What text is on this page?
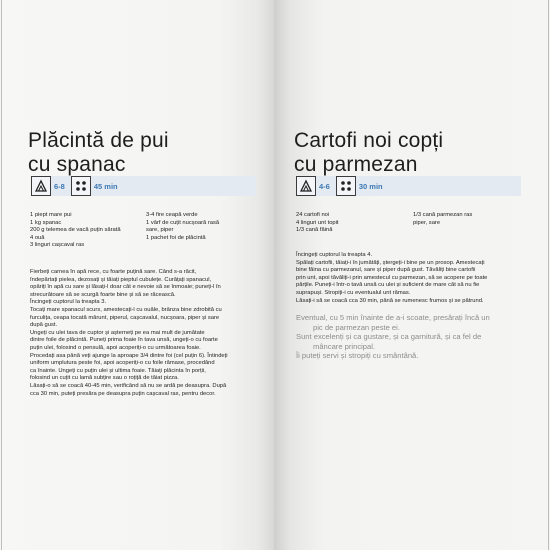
Plăcintă de pui
cu spanac
6-8	45 min
1 piept mare pui
1 kg spanac
200 g telemea de vacă puțin sărată
4 ouă
3 linguri cașcaval ras
3-4 fire ceapă verde
1 vârf de cuțit nucșoară rasă
sare, piper
1 pachet foi de plăcintă
Fierbeți carnea în apă rece, cu foarte puțină sare. Când s-a răcit,
îndepărtați pielea, dezosați și tăiați pieptul cubulețe. Curățați spanacul,
opăriți în apă cu sare și lăsați-l doar cât e nevoie să se înmoaie; puneți-l în
strecurătoare să se scurgă foarte bine și să se răcească.
Încingeți cuptorul la treapta 3.
Tocați mare spanacul scurs, amestecați-l cu ouăle, brânza bine zdrobită cu
furculița, ceapa tocată mărunt, piperul, cașcavalul, nucșoara, piper și sare
după gust.
Ungeți cu ulei tava de cuptor și așterneți pe ea mai mult de jumătate
dintre foile de plăcintă. Puneți prima foaie în tava unsă, ungeți-o cu foarte
puțin ulei, folosind o pensulă, apoi acoperiți-o cu următoarea foaie.
Procedați asa până veți ajunge la aproape 3/4 dintre foi (cel puțin 6). Întindeți
uniform umplutura peste foi, apoi acoperiți-o cu foile rămase, procedând
ca înainte. Ungeți cu puțin ulei și ultima foaie. Tăiați plăcinta în porții,
folosind un cuțit cu lamă subțire sau o roțiță de tăiat pizza.
Lăsați-o să se coacă 40-45 min, verificând să nu se ardă pe deasupra. După
cca 30 min, puteți presăra pe deasupra puțin cașcaval ras, pentru decor.
Cartofi noi copți
cu parmezan
4-6	30 min
24 cartofi noi
4 linguri unt topit
1/3 cană făină
1/3 cană parmezan ras
piper, sare
Încingeți cuptorul la treapta 4.
Spălați cartofii, tăiați-i în jumătăți, ștergeți-i bine pe un prosop. Amestecați
bine făina cu parmezanul, sare și piper după gust. Tăvăliți bine cartofii
prin unt, apoi tăvăliți-i prin amestecul cu parmezan, să se acopere pe toate
părțile. Puneți-i într-o tavă unsă cu ulei și suficient de mare cât să nu fie
suprapuși. Stropiți-i cu eventualul unt rămas.
Lăsați-i să se coacă cca 30 min, până se rumenesc frumos și se pătrund.
Eventual, cu 5 min înainte de a-i scoate, presărați încă un
pic de parmezan peste ei.
Sunt excelenți și ca gustare, și ca garnitură, și ca fel de
mâncare principal.
Îi puteți servi și stropiți cu smântână.
